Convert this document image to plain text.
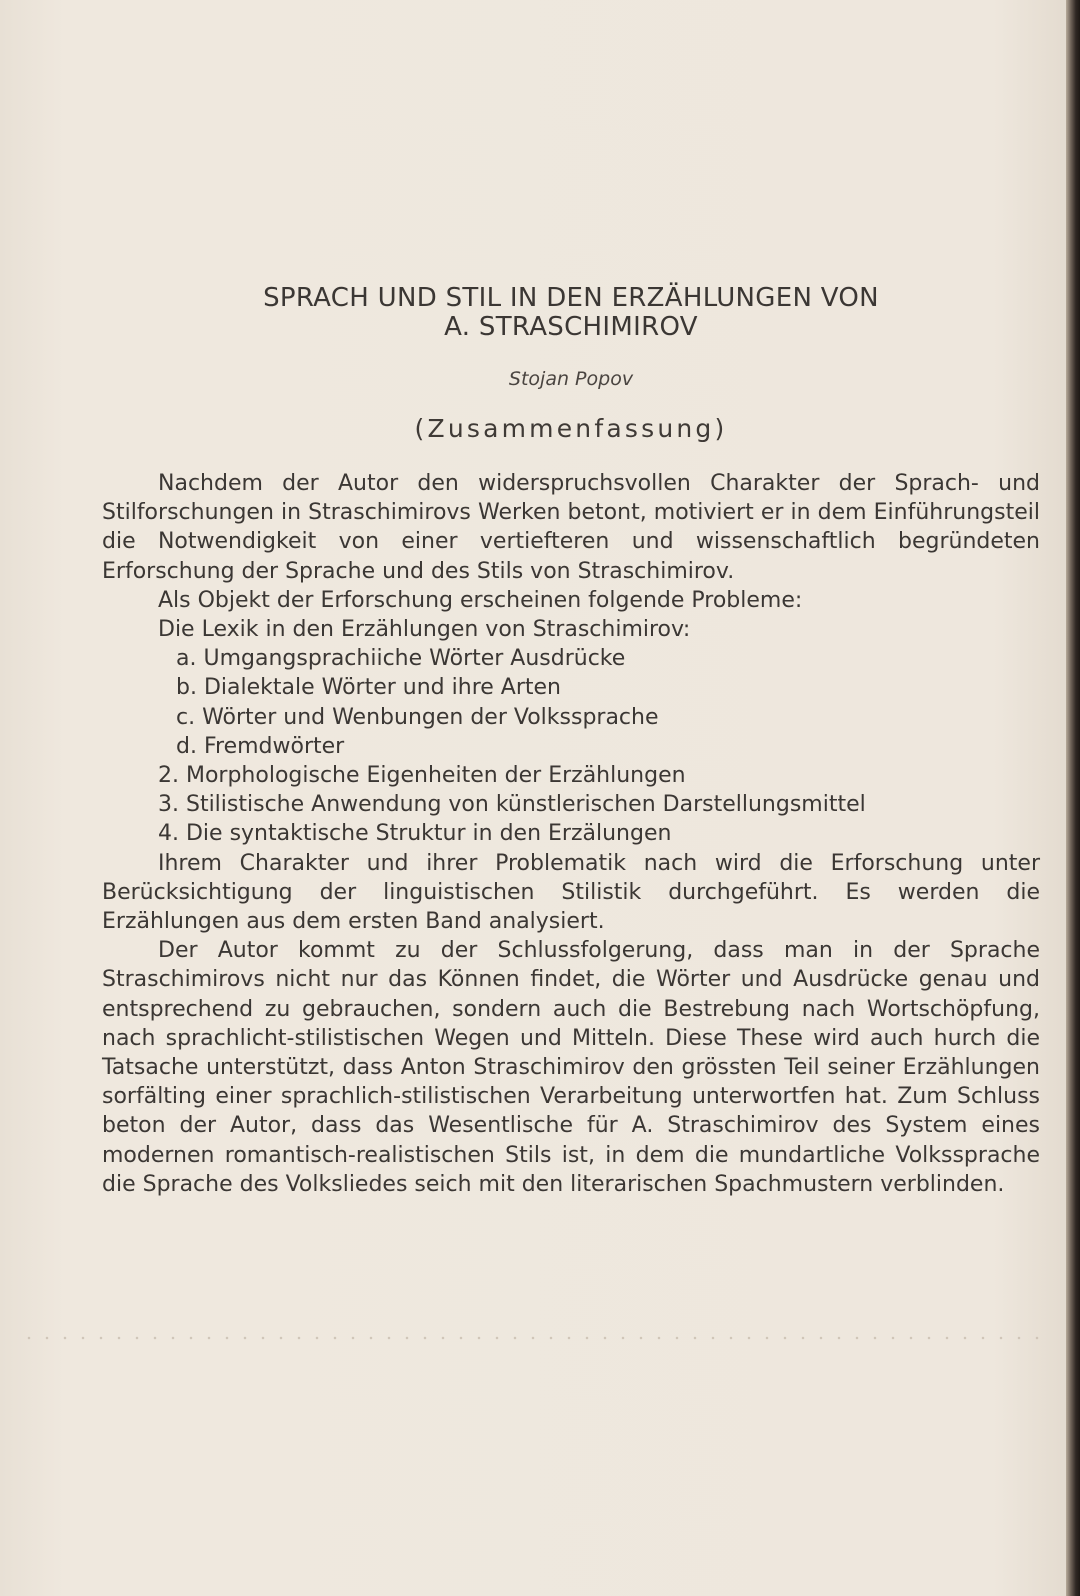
SPRACH UND STIL IN DEN ERZÄHLUNGEN VON
A. STRASCHIMIROV
Stojan Popov
(Zusammenfassung)

Nachdem der Autor den widerspruchsvollen Charakter der Sprach- und Stilforschungen in Straschimirovs Werken betont, motiviert er in dem Einführungsteil die Notwendigkeit von einer vertiefteren und wissenschaftlich begründeten Erforschung der Sprache und des Stils von Straschimirov.

Als Objekt der Erforschung erscheinen folgende Probleme:

Die Lexik in den Erzählungen von Straschimirov:

a. Umgangsprachiiche Wörter Ausdrücke

b. Dialektale Wörter und ihre Arten

c. Wörter und Wenbungen der Volkssprache

d. Fremdwörter

2. Morphologische Eigenheiten der Erzählungen

3. Stilistische Anwendung von künstlerischen Darstellungsmittel

4. Die syntaktische Struktur in den Erzälungen

Ihrem Charakter und ihrer Problematik nach wird die Erforschung unter Berücksichtigung der linguistischen Stilistik durchgeführt. Es werden die Erzählungen aus dem ersten Band analysiert.

Der Autor kommt zu der Schlussfolgerung, dass man in der Sprache Straschimirovs nicht nur das Können findet, die Wörter und Ausdrücke genau und entsprechend zu gebrauchen, sondern auch die Bestrebung nach Wortschöpfung, nach sprachlicht-stilistischen Wegen und Mitteln. Diese These wird auch hurch die Tatsache unterstützt, dass Anton Straschimirov den grössten Teil seiner Erzählungen sorfälting einer sprachlich-stilistischen Verarbeitung unterwortfen hat. Zum Schluss beton der Autor, dass das Wesentlische für A. Straschimirov des System eines modernen romantisch-realistischen Stils ist, in dem die mundartliche Volkssprache die Sprache des Volksliedes seich mit den literarischen Spachmustern verblinden.
